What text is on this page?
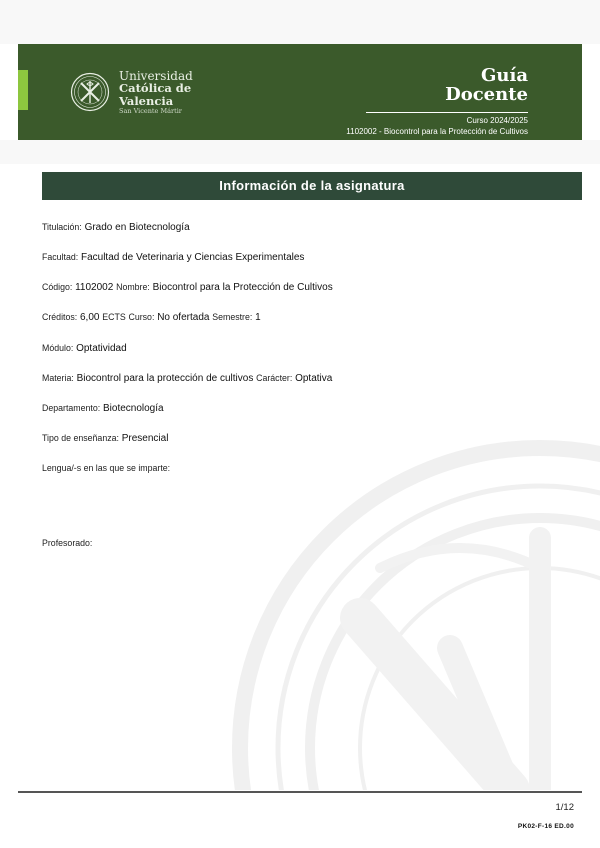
Universidad
Católica de
Valencia
San Vicente Mártir
Guía
Docente
Curso 2024/2025
1102002 - Biocontrol para la Protección de Cultivos
Información de la asignatura
Titulación: Grado en Biotecnología
Facultad: Facultad de Veterinaria y Ciencias Experimentales
Código: 1102002 Nombre: Biocontrol para la Protección de Cultivos
Créditos: 6,00 ECTS Curso: No ofertada Semestre: 1
Módulo: Optatividad
Materia: Biocontrol para la protección de cultivos Carácter: Optativa
Departamento: Biotecnología
Tipo de enseñanza: Presencial
Lengua/-s en las que se imparte:
Profesorado:
1/12
PK02-F-16 ED.00
